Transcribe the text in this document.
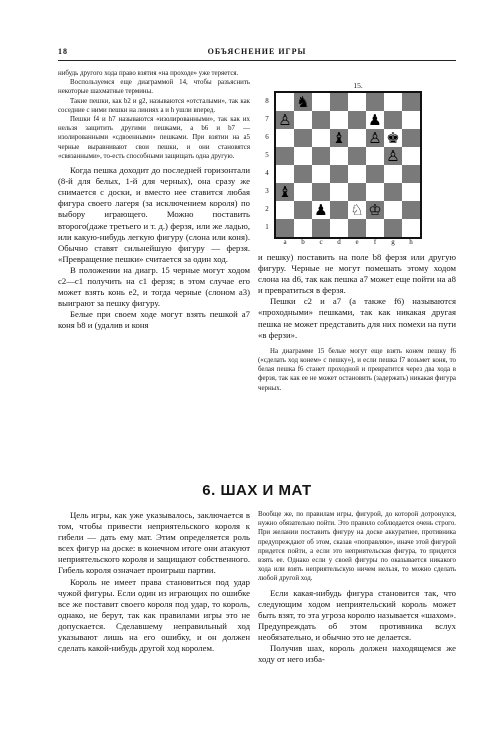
18	ОБЪЯСНЕНИЕ ИГРЫ

нибудь другого хода право взятия «на проходе» уже теряется.

Воспользуемся еще диаграммой 14, чтобы разъяснить некоторые шахматные термины.

Такие пешки, как b2 и g2, называются «отсталыми», так как соседние с ними пешки на линиях a и h ушли вперед.

Пешки f4 и h7 называются «изолированными», так как их нельзя защитить другими пешками, а b6 и b7 — изолированными «сдвоенными» пешками. При взятии на a5 черные выравнивают свои пешки, и они становятся «связанными», то-есть способными защищать одна другую.

Когда пешка доходит до последней горизонтали (8-й для белых, 1-й для черных), она сразу же снимается с доски, и вместо нее ставится любая фигура своего лагеря (за исключением короля) по выбору играющего. Можно поставить второго(даже третьего и т. д.) ферзя, или же ладью, или какую-нибудь легкую фигуру (слона или коня). Обычно ставят сильнейшую фигуру — ферзя. «Превращение пешки» считается за один ход.

В положении на диагр. 15 черные могут ходом c2—c1 получить на c1 ферзя; в этом случае его может взять конь e2, и тогда черные (слоном a3) выиграют за пешку фигуру.

Белые при своем ходе могут взять пешкой a7 коня b8 и (удалив и коня

15.
8
7
6
5
4
3
2
1
♞
♙	♟
♝ ♙ ♚
♙
♝
♟ ♘ ♔
a	b	c	d	e	f	g	h

и пешку) поставить на поле b8 ферзя или другую фигуру. Черные не могут помешать этому ходом слона на d6, так как пешка a7 может еще пойти на a8 и превратиться в ферзя.

Пешки c2 и a7 (а также f6) называются «проходными» пешками, так как никакая другая пешка не может представить для них помехи на пути «в ферзи».

На диаграмме 15 белые могут еще взять конем пешку f6 («сделать ход конем» с пешку»), и если пешка f7 возьмет коня, то белая пешка f6 станет проходной и превратится через два хода в ферзя, так как ее не может остановить (задержать) никакая фигура черных.

6. ШАХ И МАТ

Цель игры, как уже указывалось, заключается в том, чтобы привести неприятельского короля к гибели — дать ему мат. Этим определяется роль всех фигур на доске: в конечном итоге они атакуют неприятельского короля и защищают собственного. Гибель короля означает проигрыш партии.

Король не имеет права становиться под удар чужой фигуры. Если один из играющих по ошибке все же поставит своего короля под удар, то король, однако, не берут, так как правилами игры это не допускается. Сделавшему неправильный ход указывают лишь на его ошибку, и он должен сделать какой-нибудь другой ход королем.

Вообще же, по правилам игры, фигурой, до которой дотронулся, нужно обязательно пойти. Это правило соблюдается очень строго. При желании поставить фигуру на доске аккуратнее, противника предупреждают об этом, сказав «поправляю», иначе этой фигурой придется пойти, а если это неприятельская фигура, то придется взять ее. Однако если у своей фигуры по оказывается никакого хода или взять неприятельскую ничем нельзя, то можно сделать любой другой ход.

Если какая-нибудь фигура становится так, что следующим ходом неприятельский король может быть взят, то эта угроза королю называется «шахом». Предупреждать об этом противника вслух необязательно, и обычно это не делается.

Получив шах, король должен находящемся же ходу от него изба-
